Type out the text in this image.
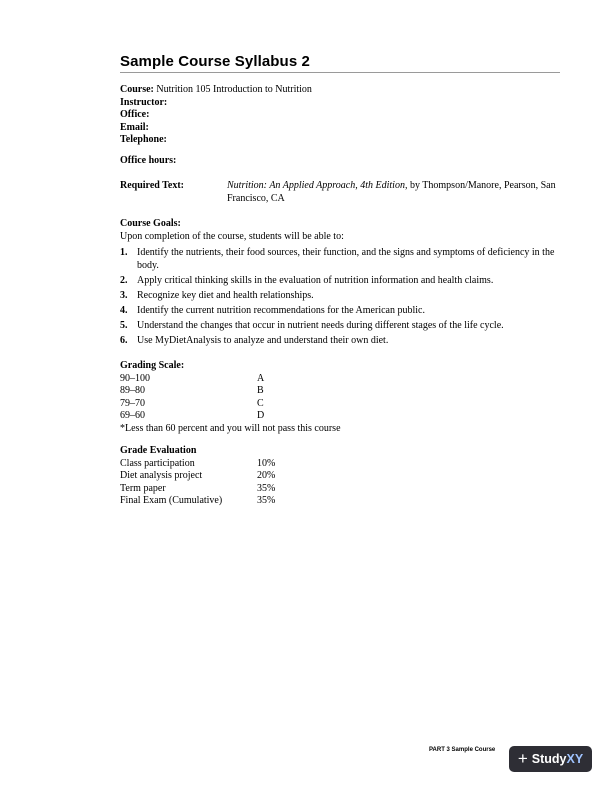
Sample Course Syllabus 2
Course: Nutrition 105 Introduction to Nutrition
Instructor:
Office:
Email:
Telephone:
Office hours:
Required Text:	Nutrition: An Applied Approach, 4th Edition, by Thompson/Manore, Pearson, San Francisco, CA
Course Goals:
Upon completion of the course, students will be able to:
1. Identify the nutrients, their food sources, their function, and the signs and symptoms of deficiency in the body.
2. Apply critical thinking skills in the evaluation of nutrition information and health claims.
3. Recognize key diet and health relationships.
4. Identify the current nutrition recommendations for the American public.
5. Understand the changes that occur in nutrient needs during different stages of the life cycle.
6. Use MyDietAnalysis to analyze and understand their own diet.
Grading Scale:
90–100	A
89–80	B
79–70	C
69–60	D
*Less than 60 percent and you will not pass this course
Grade Evaluation
Class participation	10%
Diet analysis project	20%
Term paper	35%
Final Exam (Cumulative)	35%
PART 3 Sample Course + StudyXY
